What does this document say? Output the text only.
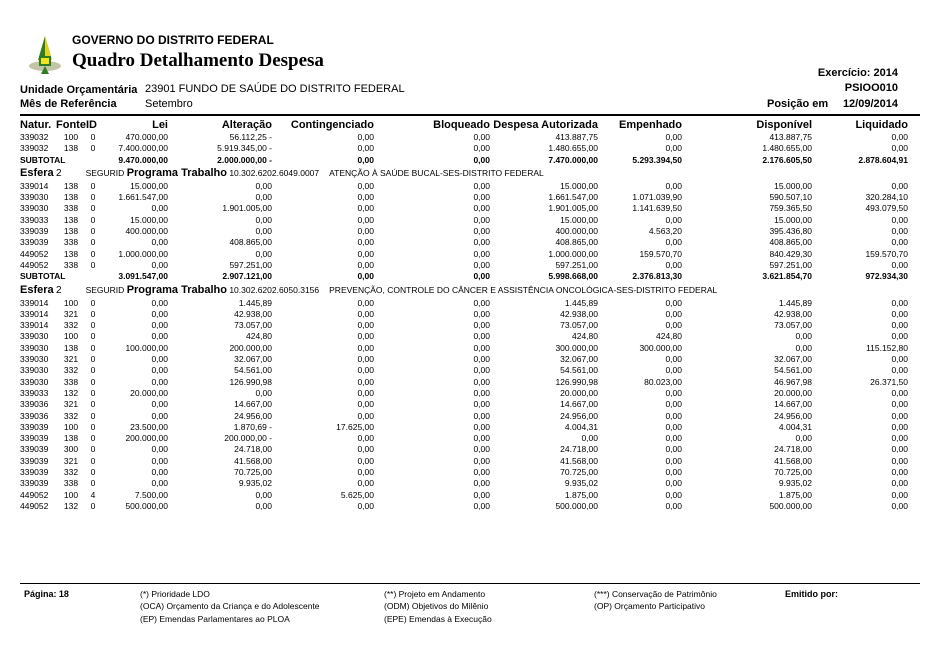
GOVERNO DO DISTRITO FEDERAL
Quadro Detalhamento Despesa
Unidade Orçamentária 23901 FUNDO DE SAÚDE DO DISTRITO FEDERAL
Mês de Referência	Setembro
Exercício: 2014
PSIOO010
Posição em 12/09/2014
Natur.	Fonte	ID	Lei	Alteração	Contingenciado	Bloqueado	Despesa Autorizada	Empenhado	Disponível	Liquidado
339032	100	0	470.000,00	56.112,25 -	0,00	0,00	413.887,75	0,00	413.887,75	0,00
339032	138	0	7.400.000,00	5.919.345,00 -	0,00	0,00	1.480.655,00	0,00	1.480.655,00	0,00
SUBTOTAL			9.470.000,00	2.000.000,00 -	0,00	0,00	7.470.000,00	5.293.394,50	2.176.605,50	2.878.604,91
Esfera 2 SEGURID Programa Trabalho 10.302.6202.6049.0007 ATENÇÃO À SAÚDE BUCAL-SES-DISTRITO FEDERAL										
339014	138	0	15.000,00	0,00	0,00	0,00	15.000,00	0,00	15.000,00	0,00
339030	138	0	1.661.547,00	0,00	0,00	0,00	1.661.547,00	1.071.039,90	590.507,10	320.284,10
339030	338	0	0,00	1.901.005,00	0,00	0,00	1.901.005,00	1.141.639,50	759.365,50	493.079,50
339033	138	0	15.000,00	0,00	0,00	0,00	15.000,00	0,00	15.000,00	0,00
339039	138	0	400.000,00	0,00	0,00	0,00	400.000,00	4.563,20	395.436,80	0,00
339039	338	0	0,00	408.865,00	0,00	0,00	408.865,00	0,00	408.865,00	0,00
449052	138	0	1.000.000,00	0,00	0,00	0,00	1.000.000,00	159.570,70	840.429,30	159.570,70
449052	338	0	0,00	597.251,00	0,00	0,00	597.251,00	0,00	597.251,00	0,00
SUBTOTAL			3.091.547,00	2.907.121,00	0,00	0,00	5.998.668,00	2.376.813,30	3.621.854,70	972.934,30
Esfera 2 SEGURID Programa Trabalho 10.302.6202.6050.3156 PREVENÇÃO, CONTROLE DO CÂNCER E ASSISTÊNCIA ONCOLÓGICA-SES-DISTRITO FEDERAL										
339014	100	0	0,00	1.445,89	0,00	0,00	1.445,89	0,00	1.445,89	0,00
339014	321	0	0,00	42.938,00	0,00	0,00	42.938,00	0,00	42.938,00	0,00
339014	332	0	0,00	73.057,00	0,00	0,00	73.057,00	0,00	73.057,00	0,00
339030	100	0	0,00	424,80	0,00	0,00	424,80	424,80	0,00	0,00
339030	138	0	100.000,00	200.000,00	0,00	0,00	300.000,00	300.000,00	0,00	115.152,80
339030	321	0	0,00	32.067,00	0,00	0,00	32.067,00	0,00	32.067,00	0,00
339030	332	0	0,00	54.561,00	0,00	0,00	54.561,00	0,00	54.561,00	0,00
339030	338	0	0,00	126.990,98	0,00	0,00	126.990,98	80.023,00	46.967,98	26.371,50
339033	132	0	20.000,00	0,00	0,00	0,00	20.000,00	0,00	20.000,00	0,00
339036	321	0	0,00	14.667,00	0,00	0,00	14.667,00	0,00	14.667,00	0,00
339036	332	0	0,00	24.956,00	0,00	0,00	24.956,00	0,00	24.956,00	0,00
339039	100	0	23.500,00	1.870,69 -	17.625,00	0,00	4.004,31	0,00	4.004,31	0,00
339039	138	0	200.000,00	200.000,00 -	0,00	0,00	0,00	0,00	0,00	0,00
339039	300	0	0,00	24.718,00	0,00	0,00	24.718,00	0,00	24.718,00	0,00
339039	321	0	0,00	41.568,00	0,00	0,00	41.568,00	0,00	41.568,00	0,00
339039	332	0	0,00	70.725,00	0,00	0,00	70.725,00	0,00	70.725,00	0,00
339039	338	0	0,00	9.935,02	0,00	0,00	9.935,02	0,00	9.935,02	0,00
449052	100	4	7.500,00	0,00	5.625,00	0,00	1.875,00	0,00	1.875,00	0,00
449052	132	0	500.000,00	0,00	0,00	0,00	500.000,00	0,00	500.000,00	0,00
Página: 18	(*) Prioridade LDO
(OCA) Orçamento da Criança e do Adolescente
(EP) Emendas Parlamentares ao PLOA
(**) Projeto em Andamento
(ODM) Objetivos do Milênio
(EPE) Emendas à Execução
(***) Conservação de Patrimônio
(OP) Orçamento Participativo
Emitido por:
